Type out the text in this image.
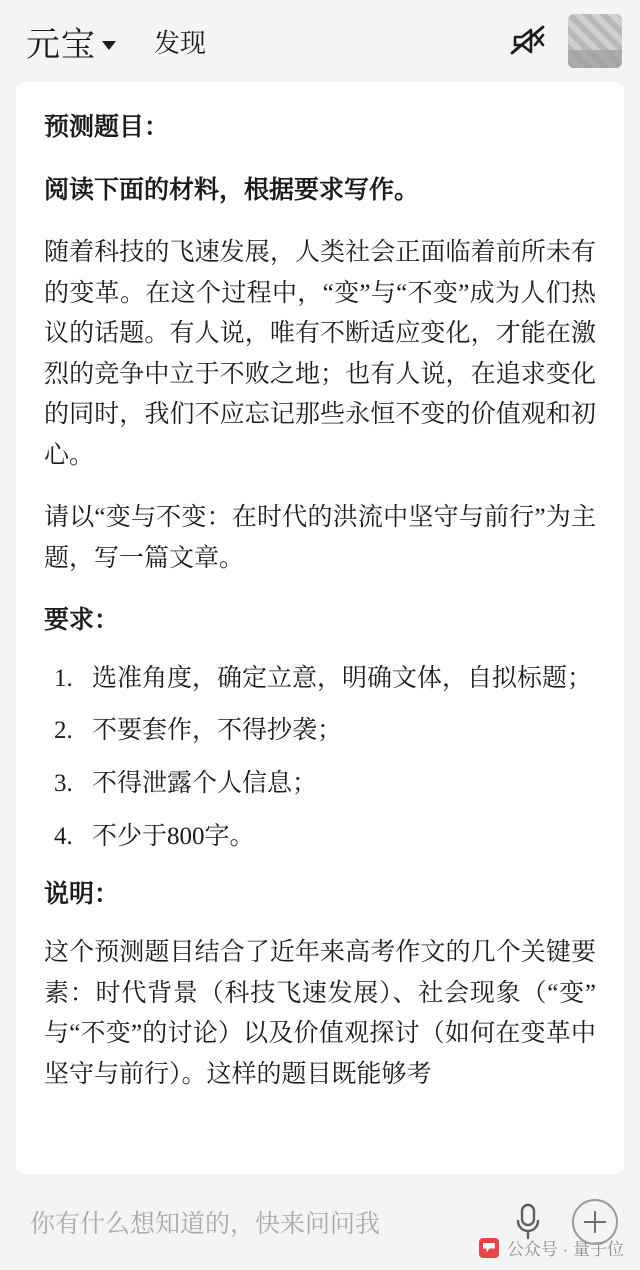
元宝 发现

预测题目：

阅读下面的材料，根据要求写作。

随着科技的飞速发展，人类社会正面临着前所未有的变革。在这个过程中，“变”与“不变”成为人们热议的话题。有人说，唯有不断适应变化，才能在激烈的竞争中立于不败之地；也有人说，在追求变化的同时，我们不应忘记那些永恒不变的价值观和初心。

请以“变与不变：在时代的洪流中坚守与前行”为主题，写一篇文章。

要求：

选准角度，确定立意，明确文体，自拟标题；
不要套作，不得抄袭；
不得泄露个人信息；
不少于800字。

说明：

这个预测题目结合了近年来高考作文的几个关键要素：时代背景（科技飞速发展）、社会现象（“变”与“不变”的讨论）以及价值观探讨（如何在变革中坚守与前行）。这样的题目既能够考

你有什么想知道的，快来问问我
公众号 · 量子位
